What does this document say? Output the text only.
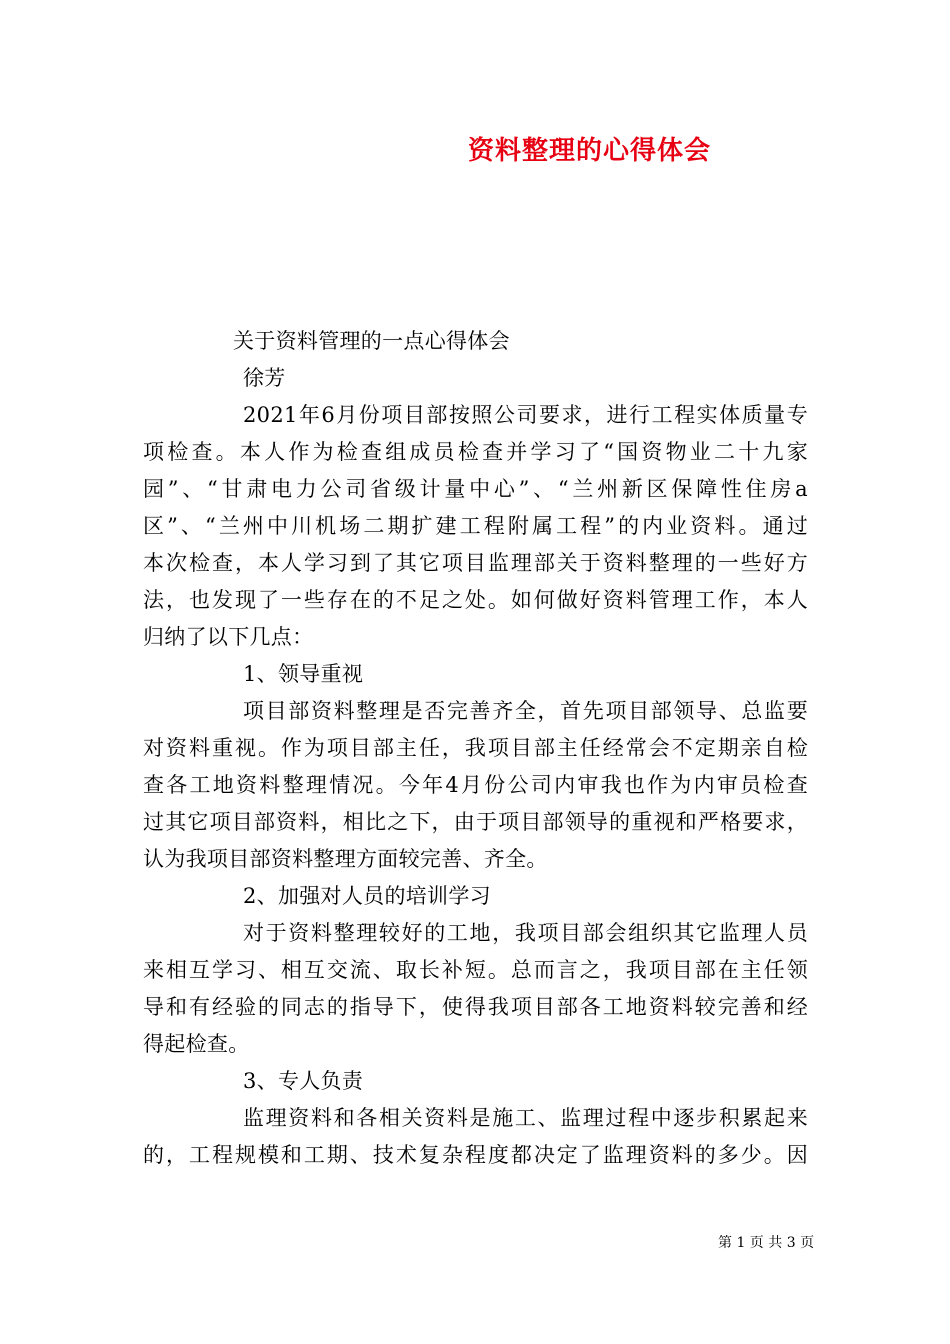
资料整理的心得体会
关于资料管理的一点心得体会
徐芳
2021年6月份项目部按照公司要求，进行工程实体质量专
项检查。本人作为检查组成员检查并学习了“国资物业二十九家
园”、“甘肃电力公司省级计量中心”、“兰州新区保障性住房a
区”、“兰州中川机场二期扩建工程附属工程”的内业资料。通过
本次检查，本人学习到了其它项目监理部关于资料整理的一些好方
法，也发现了一些存在的不足之处。如何做好资料管理工作，本人
归纳了以下几点：
1、领导重视
项目部资料整理是否完善齐全，首先项目部领导、总监要
对资料重视。作为项目部主任，我项目部主任经常会不定期亲自检
查各工地资料整理情况。今年4月份公司内审我也作为内审员检查
过其它项目部资料，相比之下，由于项目部领导的重视和严格要求，
认为我项目部资料整理方面较完善、齐全。
2、加强对人员的培训学习
对于资料整理较好的工地，我项目部会组织其它监理人员
来相互学习、相互交流、取长补短。总而言之，我项目部在主任领
导和有经验的同志的指导下，使得我项目部各工地资料较完善和经
得起检查。
3、专人负责
监理资料和各相关资料是施工、监理过程中逐步积累起来
的，工程规模和工期、技术复杂程度都决定了监理资料的多少。因
第 1 页 共 3 页
